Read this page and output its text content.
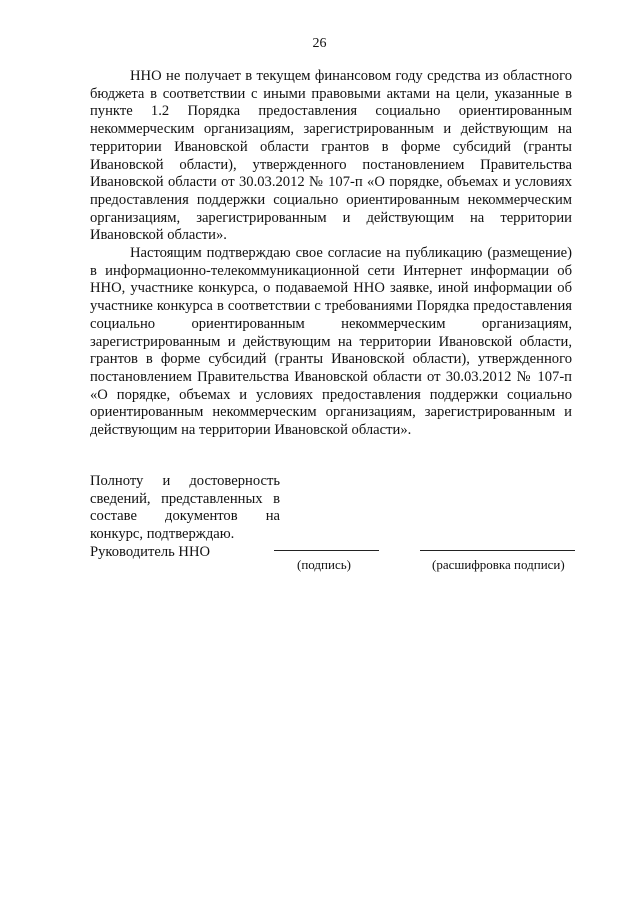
26

ННО не получает в текущем финансовом году средства из областного бюджета в соответствии с иными правовыми актами на цели, указанные в пункте 1.2 Порядка предоставления социально ориентированным некоммерческим организациям, зарегистрированным и действующим на территории Ивановской области грантов в форме субсидий (гранты Ивановской области), утвержденного постановлением Правительства Ивановской области от 30.03.2012 № 107-п «О порядке, объемах и условиях предоставления поддержки социально ориентированным некоммерческим организациям, зарегистрированным и действующим на территории Ивановской области».

Настоящим подтверждаю свое согласие на публикацию (размещение) в информационно-телекоммуникационной сети Интернет информации об ННО, участнике конкурса, о подаваемой ННО заявке, иной информации об участнике конкурса в соответствии с требованиями Порядка предоставления социально ориентированным некоммерческим организациям, зарегистрированным и действующим на территории Ивановской области, грантов в форме субсидий (гранты Ивановской области), утвержденного постановлением Правительства Ивановской области от 30.03.2012 № 107-п «О порядке, объемах и условиях предоставления поддержки социально ориентированным некоммерческим организациям, зарегистрированным и действующим на территории Ивановской области».

Полноту и достоверность сведений, представленных в составе документов на конкурс, подтверждаю.

Руководитель ННО
(подпись)	(расшифровка подписи)
